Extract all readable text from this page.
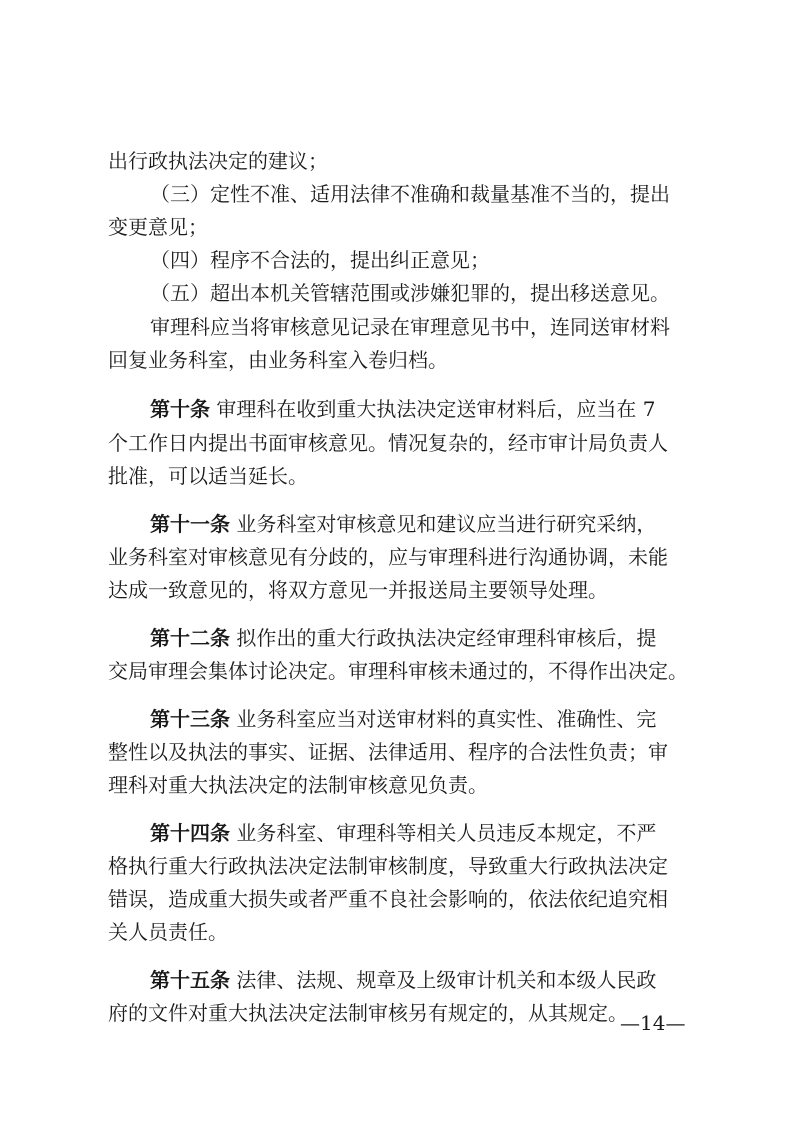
出行政执法决定的建议；
（三）定性不准、适用法律不准确和裁量基准不当的，提出
变更意见；
（四）程序不合法的，提出纠正意见；
（五）超出本机关管辖范围或涉嫌犯罪的，提出移送意见。
审理科应当将审核意见记录在审理意见书中，连同送审材料
回复业务科室，由业务科室入卷归档。
第十条 审理科在收到重大执法决定送审材料后，应当在 7
个工作日内提出书面审核意见。情况复杂的，经市审计局负责人
批准，可以适当延长。
第十一条 业务科室对审核意见和建议应当进行研究采纳，
业务科室对审核意见有分歧的，应与审理科进行沟通协调，未能
达成一致意见的，将双方意见一并报送局主要领导处理。
第十二条 拟作出的重大行政执法决定经审理科审核后，提
交局审理会集体讨论决定。审理科审核未通过的，不得作出决定。
第十三条 业务科室应当对送审材料的真实性、准确性、完
整性以及执法的事实、证据、法律适用、程序的合法性负责；审
理科对重大执法决定的法制审核意见负责。
第十四条 业务科室、审理科等相关人员违反本规定，不严
格执行重大行政执法决定法制审核制度，导致重大行政执法决定
错误，造成重大损失或者严重不良社会影响的，依法依纪追究相
关人员责任。
第十五条 法律、法规、规章及上级审计机关和本级人民政
府的文件对重大执法决定法制审核另有规定的，从其规定。
—14—
